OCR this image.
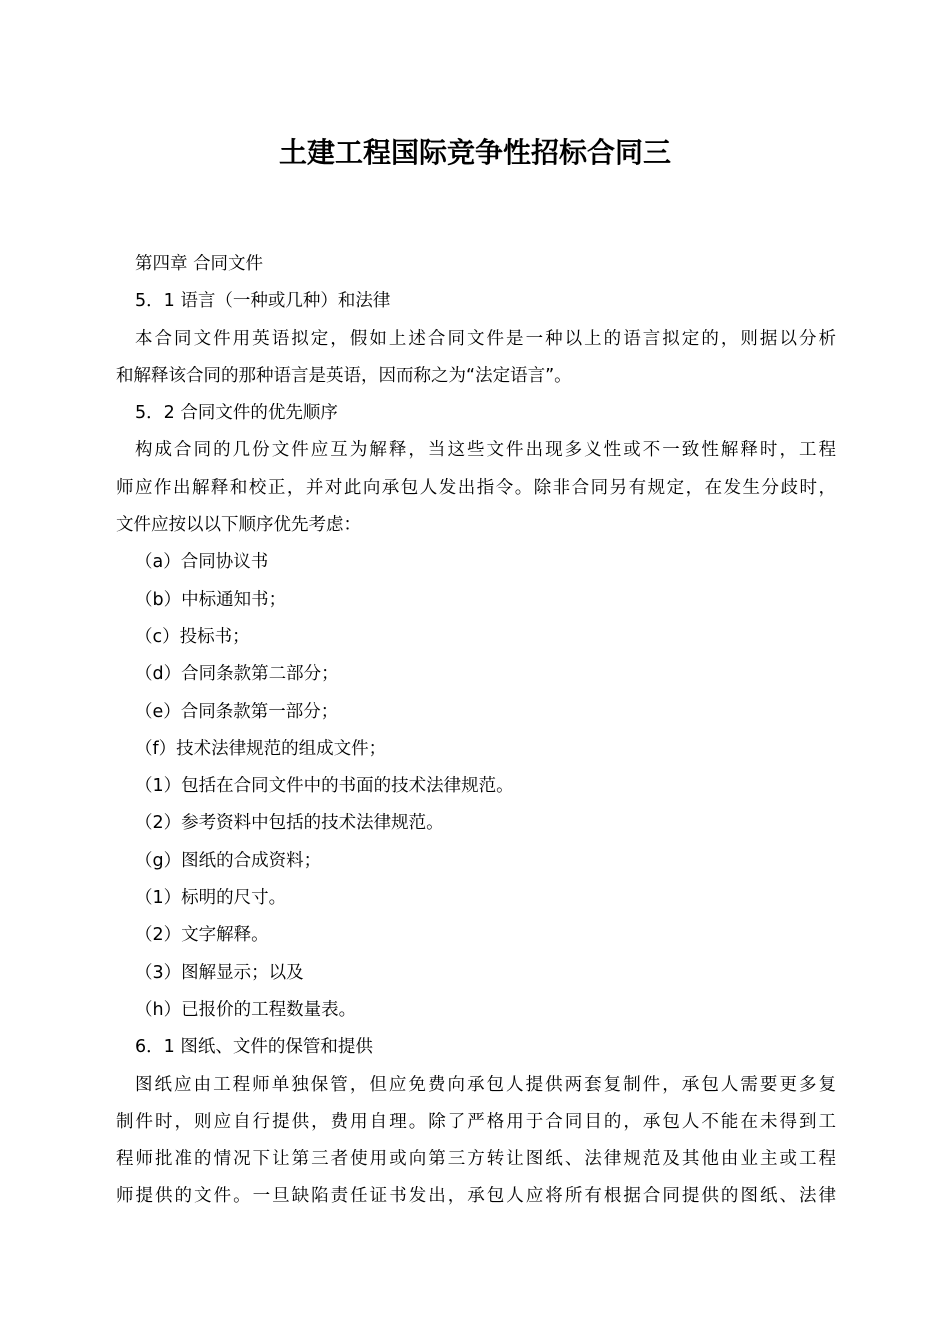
土建工程国际竞争性招标合同三

第四章 合同文件

5．1 语言（一种或几种）和法律

本合同文件用英语拟定，假如上述合同文件是一种以上的语言拟定的，则据以分析

和解释该合同的那种语言是英语，因而称之为“法定语言”。

5．2 合同文件的优先顺序

构成合同的几份文件应互为解释，当这些文件出现多义性或不一致性解释时，工程

师应作出解释和校正，并对此向承包人发出指令。除非合同另有规定，在发生分歧时，

文件应按以以下顺序优先考虑：

（a）合同协议书

（b）中标通知书；

（c）投标书；

（d）合同条款第二部分；

（e）合同条款第一部分；

（f）技术法律规范的组成文件；

（1）包括在合同文件中的书面的技术法律规范。

（2）参考资料中包括的技术法律规范。

（g）图纸的合成资料；

（1）标明的尺寸。

（2）文字解释。

（3）图解显示；以及

（h）已报价的工程数量表。

6．1 图纸、文件的保管和提供

图纸应由工程师单独保管，但应免费向承包人提供两套复制件，承包人需要更多复

制件时，则应自行提供，费用自理。除了严格用于合同目的，承包人不能在未得到工

程师批准的情况下让第三者使用或向第三方转让图纸、法律规范及其他由业主或工程

师提供的文件。一旦缺陷责任证书发出，承包人应将所有根据合同提供的图纸、法律
